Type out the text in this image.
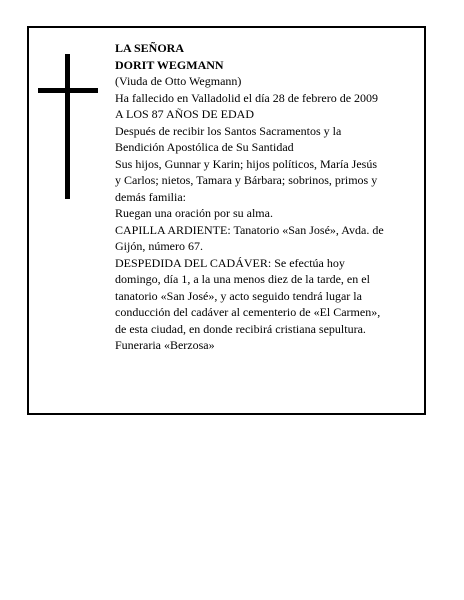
LA SEÑORA
DORIT WEGMANN
(Viuda de Otto Wegmann)
Ha fallecido en Valladolid el día 28 de febrero de 2009
A LOS 87 AÑOS DE EDAD
Después de recibir los Santos Sacramentos y la
Bendición Apostólica de Su Santidad
Sus hijos, Gunnar y Karin; hijos políticos, María Jesús
y Carlos; nietos, Tamara y Bárbara; sobrinos, primos y
demás familia:
Ruegan una oración por su alma.
CAPILLA ARDIENTE: Tanatorio «San José», Avda. de
Gijón, número 67.
DESPEDIDA DEL CADÁVER: Se efectúa hoy
domingo, día 1, a la una menos diez de la tarde, en el
tanatorio «San José», y acto seguido tendrá lugar la
conducción del cadáver al cementerio de «El Carmen»,
de esta ciudad, en donde recibirá cristiana sepultura.
Funeraria «Berzosa»
